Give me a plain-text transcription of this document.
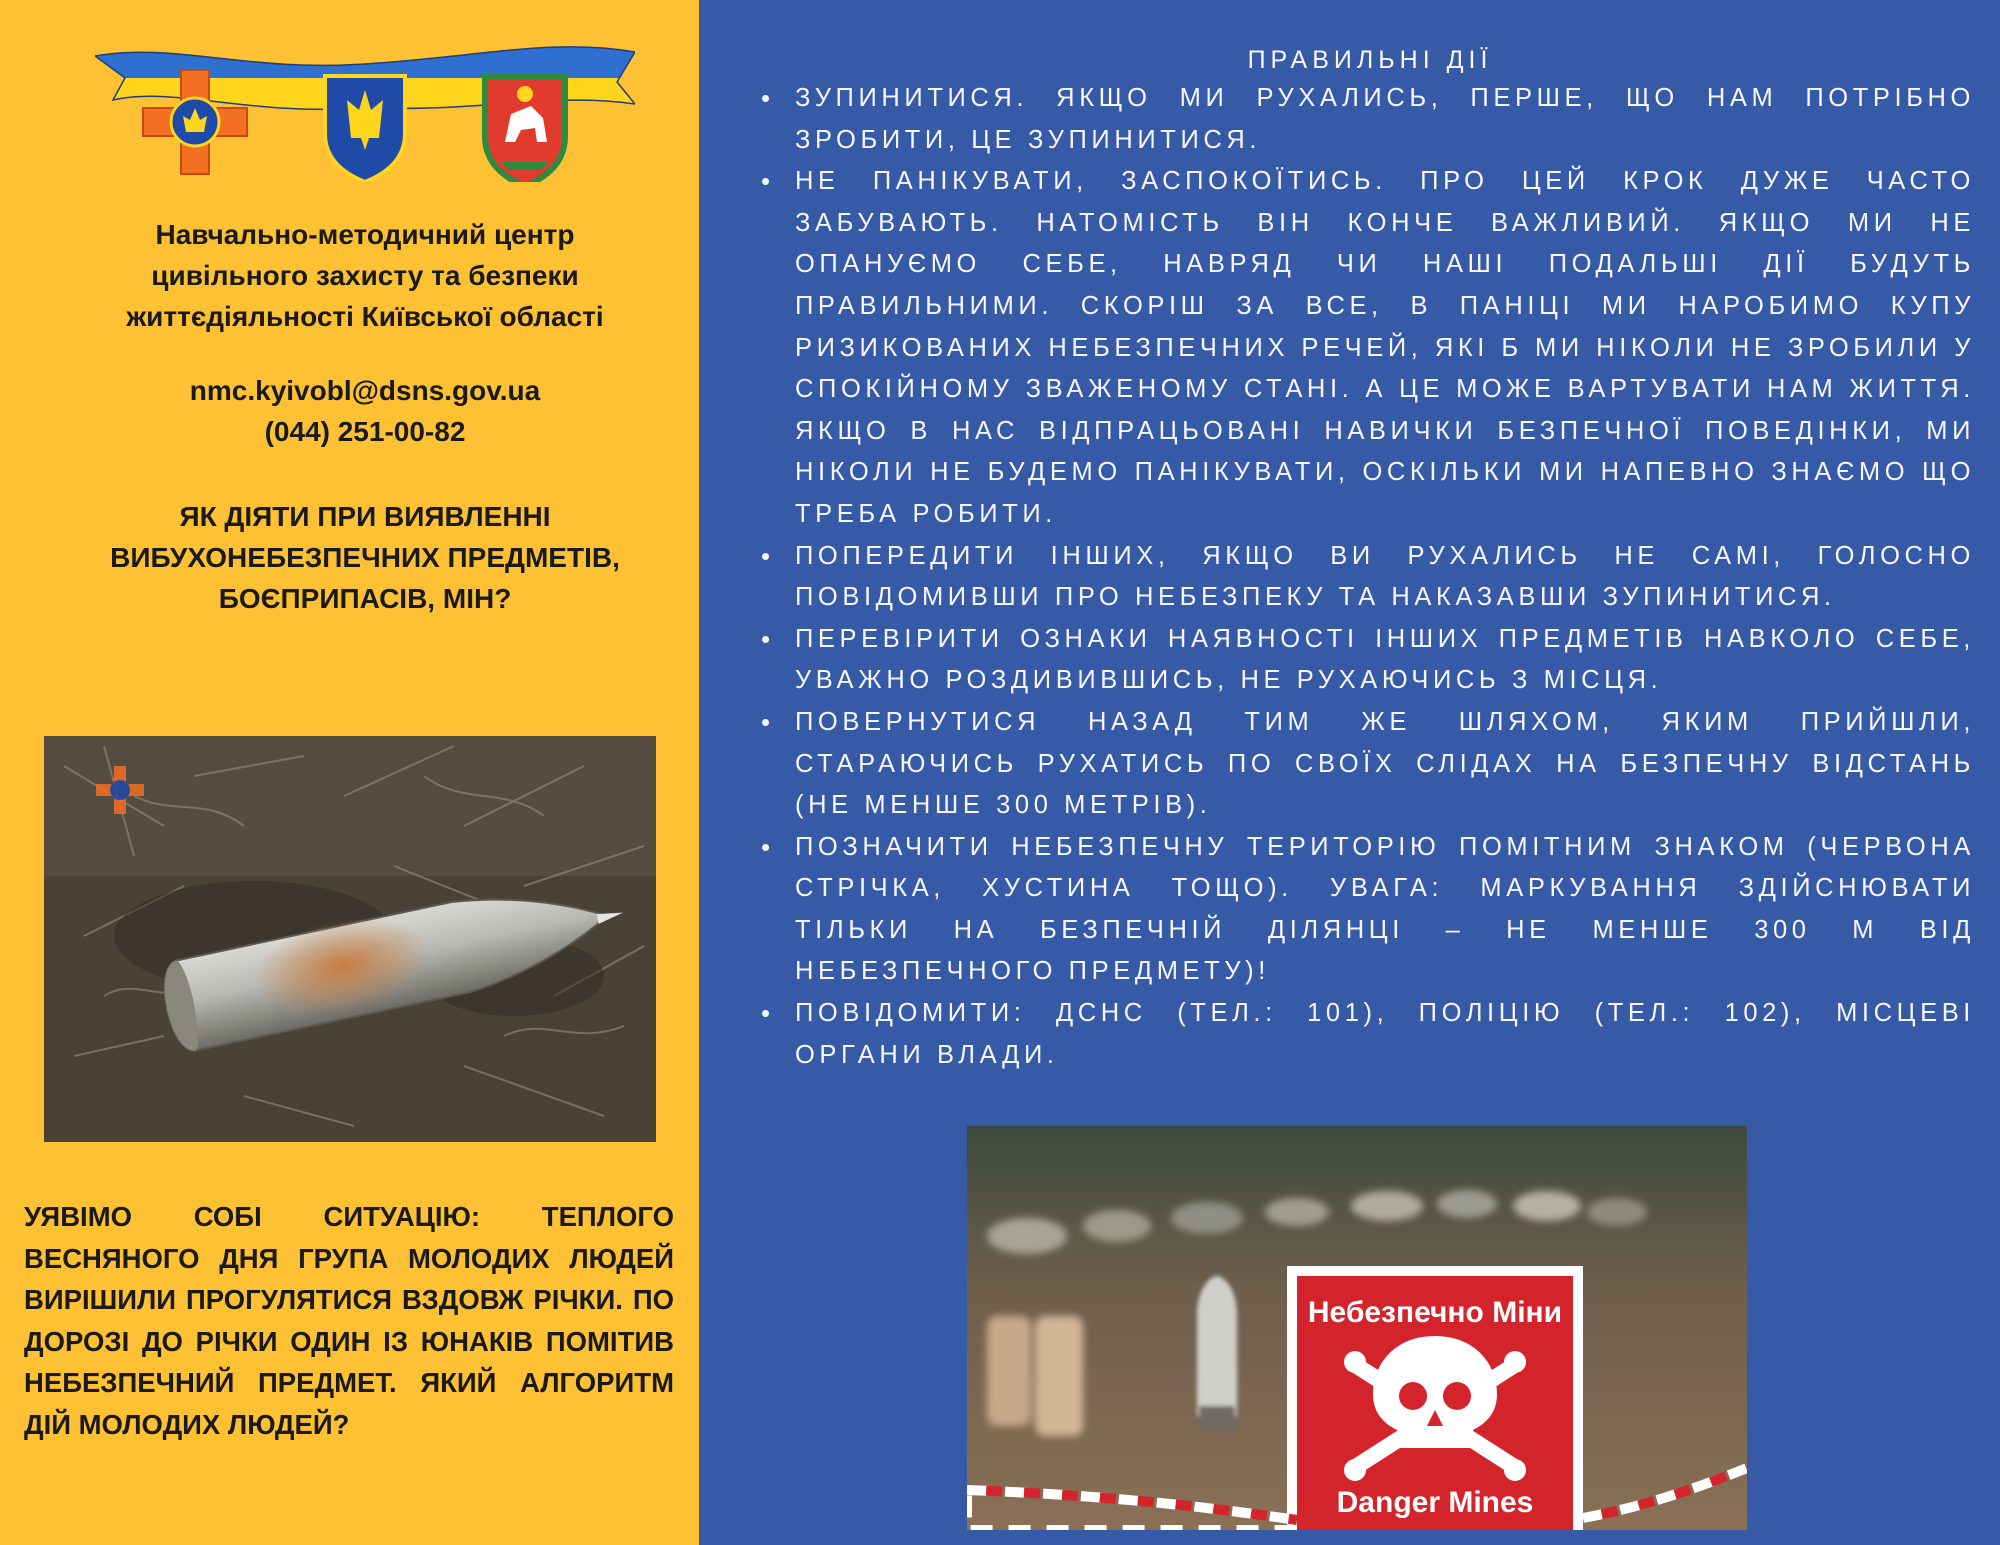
Навчально-методичний центр
цивільного захисту та безпеки
життєдіяльності Київської області
nmc.kyivobl@dsns.gov.ua
(044) 251-00-82
ЯК ДІЯТИ ПРИ ВИЯВЛЕННІ
ВИБУХОНЕБЕЗПЕЧНИХ ПРЕДМЕТІВ,
БОЄПРИПАСІВ, МІН?
УЯВІМО СОБІ СИТУАЦІЮ: ТЕПЛОГО ВЕСНЯНОГО ДНЯ ГРУПА МОЛОДИХ ЛЮДЕЙ ВИРІШИЛИ ПРОГУЛЯТИСЯ ВЗДОВЖ РІЧКИ. ПО ДОРОЗІ ДО РІЧКИ ОДИН ІЗ ЮНАКІВ ПОМІТИВ НЕБЕЗПЕЧНИЙ ПРЕДМЕТ. ЯКИЙ АЛГОРИТМ ДІЙ МОЛОДИХ ЛЮДЕЙ?
ПРАВИЛЬНІ ДІЇ
• ЗУПИНИТИСЯ. ЯКЩО МИ РУХАЛИСЬ, ПЕРШЕ, ЩО НАМ ПОТРІБНО ЗРОБИТИ, ЦЕ ЗУПИНИТИСЯ.
• НЕ ПАНІКУВАТИ, ЗАСПОКОЇТИСЬ. ПРО ЦЕЙ КРОК ДУЖЕ ЧАСТО ЗАБУВАЮТЬ. НАТОМІСТЬ ВІН КОНЧЕ ВАЖЛИВИЙ. ЯКЩО МИ НЕ ОПАНУЄМО СЕБЕ, НАВРЯД ЧИ НАШІ ПОДАЛЬШІ ДІЇ БУДУТЬ ПРАВИЛЬНИМИ. СКОРІШ ЗА ВСЕ, В ПАНІЦІ МИ НАРОБИМО КУПУ РИЗИКОВАНИХ НЕБЕЗПЕЧНИХ РЕЧЕЙ, ЯКІ Б МИ НІКОЛИ НЕ ЗРОБИЛИ У СПОКІЙНОМУ ЗВАЖЕНОМУ СТАНІ. А ЦЕ МОЖЕ ВАРТУВАТИ НАМ ЖИТТЯ. ЯКЩО В НАС ВІДПРАЦЬОВАНІ НАВИЧКИ БЕЗПЕЧНОЇ ПОВЕДІНКИ, МИ НІКОЛИ НЕ БУДЕМО ПАНІКУВАТИ, ОСКІЛЬКИ МИ НАПЕВНО ЗНАЄМО ЩО ТРЕБА РОБИТИ.
• ПОПЕРЕДИТИ ІНШИХ, ЯКЩО ВИ РУХАЛИСЬ НЕ САМІ, ГОЛОСНО ПОВІДОМИВШИ ПРО НЕБЕЗПЕКУ ТА НАКАЗАВШИ ЗУПИНИТИСЯ.
• ПЕРЕВІРИТИ ОЗНАКИ НАЯВНОСТІ ІНШИХ ПРЕДМЕТІВ НАВКОЛО СЕБЕ, УВАЖНО РОЗДИВИВШИСЬ, НЕ РУХАЮЧИСЬ З МІСЦЯ.
• ПОВЕРНУТИСЯ НАЗАД ТИМ ЖЕ ШЛЯХОМ, ЯКИМ ПРИЙШЛИ, СТАРАЮЧИСЬ РУХАТИСЬ ПО СВОЇХ СЛІДАХ НА БЕЗПЕЧНУ ВІДСТАНЬ (НЕ МЕНШЕ 300 МЕТРІВ).
• ПОЗНАЧИТИ НЕБЕЗПЕЧНУ ТЕРИТОРІЮ ПОМІТНИМ ЗНАКОМ (ЧЕРВОНА СТРІЧКА, ХУСТИНА ТОЩО). УВАГА: МАРКУВАННЯ ЗДІЙСНЮВАТИ ТІЛЬКИ НА БЕЗПЕЧНІЙ ДІЛЯНЦІ – НЕ МЕНШЕ 300 М ВІД НЕБЕЗПЕЧНОГО ПРЕДМЕТУ)!
• ПОВІДОМИТИ: ДСНС (ТЕЛ.: 101), ПОЛІЦІЮ (ТЕЛ.: 102), МІСЦЕВІ ОРГАНИ ВЛАДИ.
Небезпечно Міни
Danger Mines
